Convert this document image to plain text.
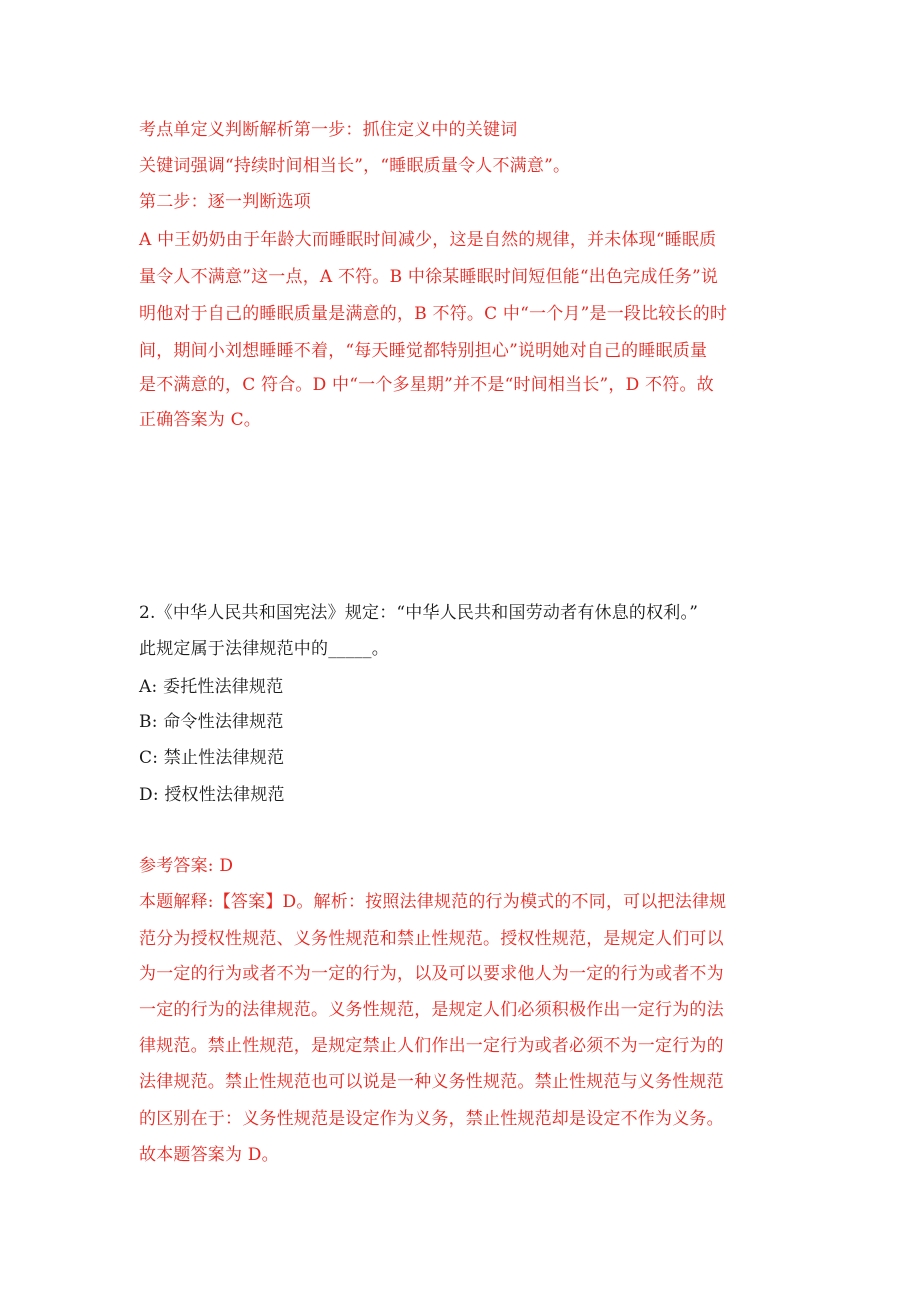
考点单定义判断解析第一步：抓住定义中的关键词
关键词强调“持续时间相当长”，“睡眠质量令人不满意”。
第二步：逐一判断选项
A 中王奶奶由于年龄大而睡眠时间减少，这是自然的规律，并未体现“睡眠质
量令人不满意”这一点，A 不符。B 中徐某睡眠时间短但能“出色完成任务”说
明他对于自己的睡眠质量是满意的，B 不符。C 中“一个月”是一段比较长的时
间，期间小刘想睡睡不着，“每天睡觉都特别担心”说明她对自己的睡眠质量
是不满意的，C 符合。D 中“一个多星期”并不是“时间相当长”，D 不符。故
正确答案为 C。
2.《中华人民共和国宪法》规定：“中华人民共和国劳动者有休息的权利。”
此规定属于法律规范中的_____。
A: 委托性法律规范
B: 命令性法律规范
C: 禁止性法律规范
D: 授权性法律规范
参考答案: D
本题解释:【答案】D。解析：按照法律规范的行为模式的不同，可以把法律规
范分为授权性规范、义务性规范和禁止性规范。授权性规范，是规定人们可以
为一定的行为或者不为一定的行为，以及可以要求他人为一定的行为或者不为
一定的行为的法律规范。义务性规范，是规定人们必须积极作出一定行为的法
律规范。禁止性规范，是规定禁止人们作出一定行为或者必须不为一定行为的
法律规范。禁止性规范也可以说是一种义务性规范。禁止性规范与义务性规范
的区别在于：义务性规范是设定作为义务，禁止性规范却是设定不作为义务。
故本题答案为 D。
